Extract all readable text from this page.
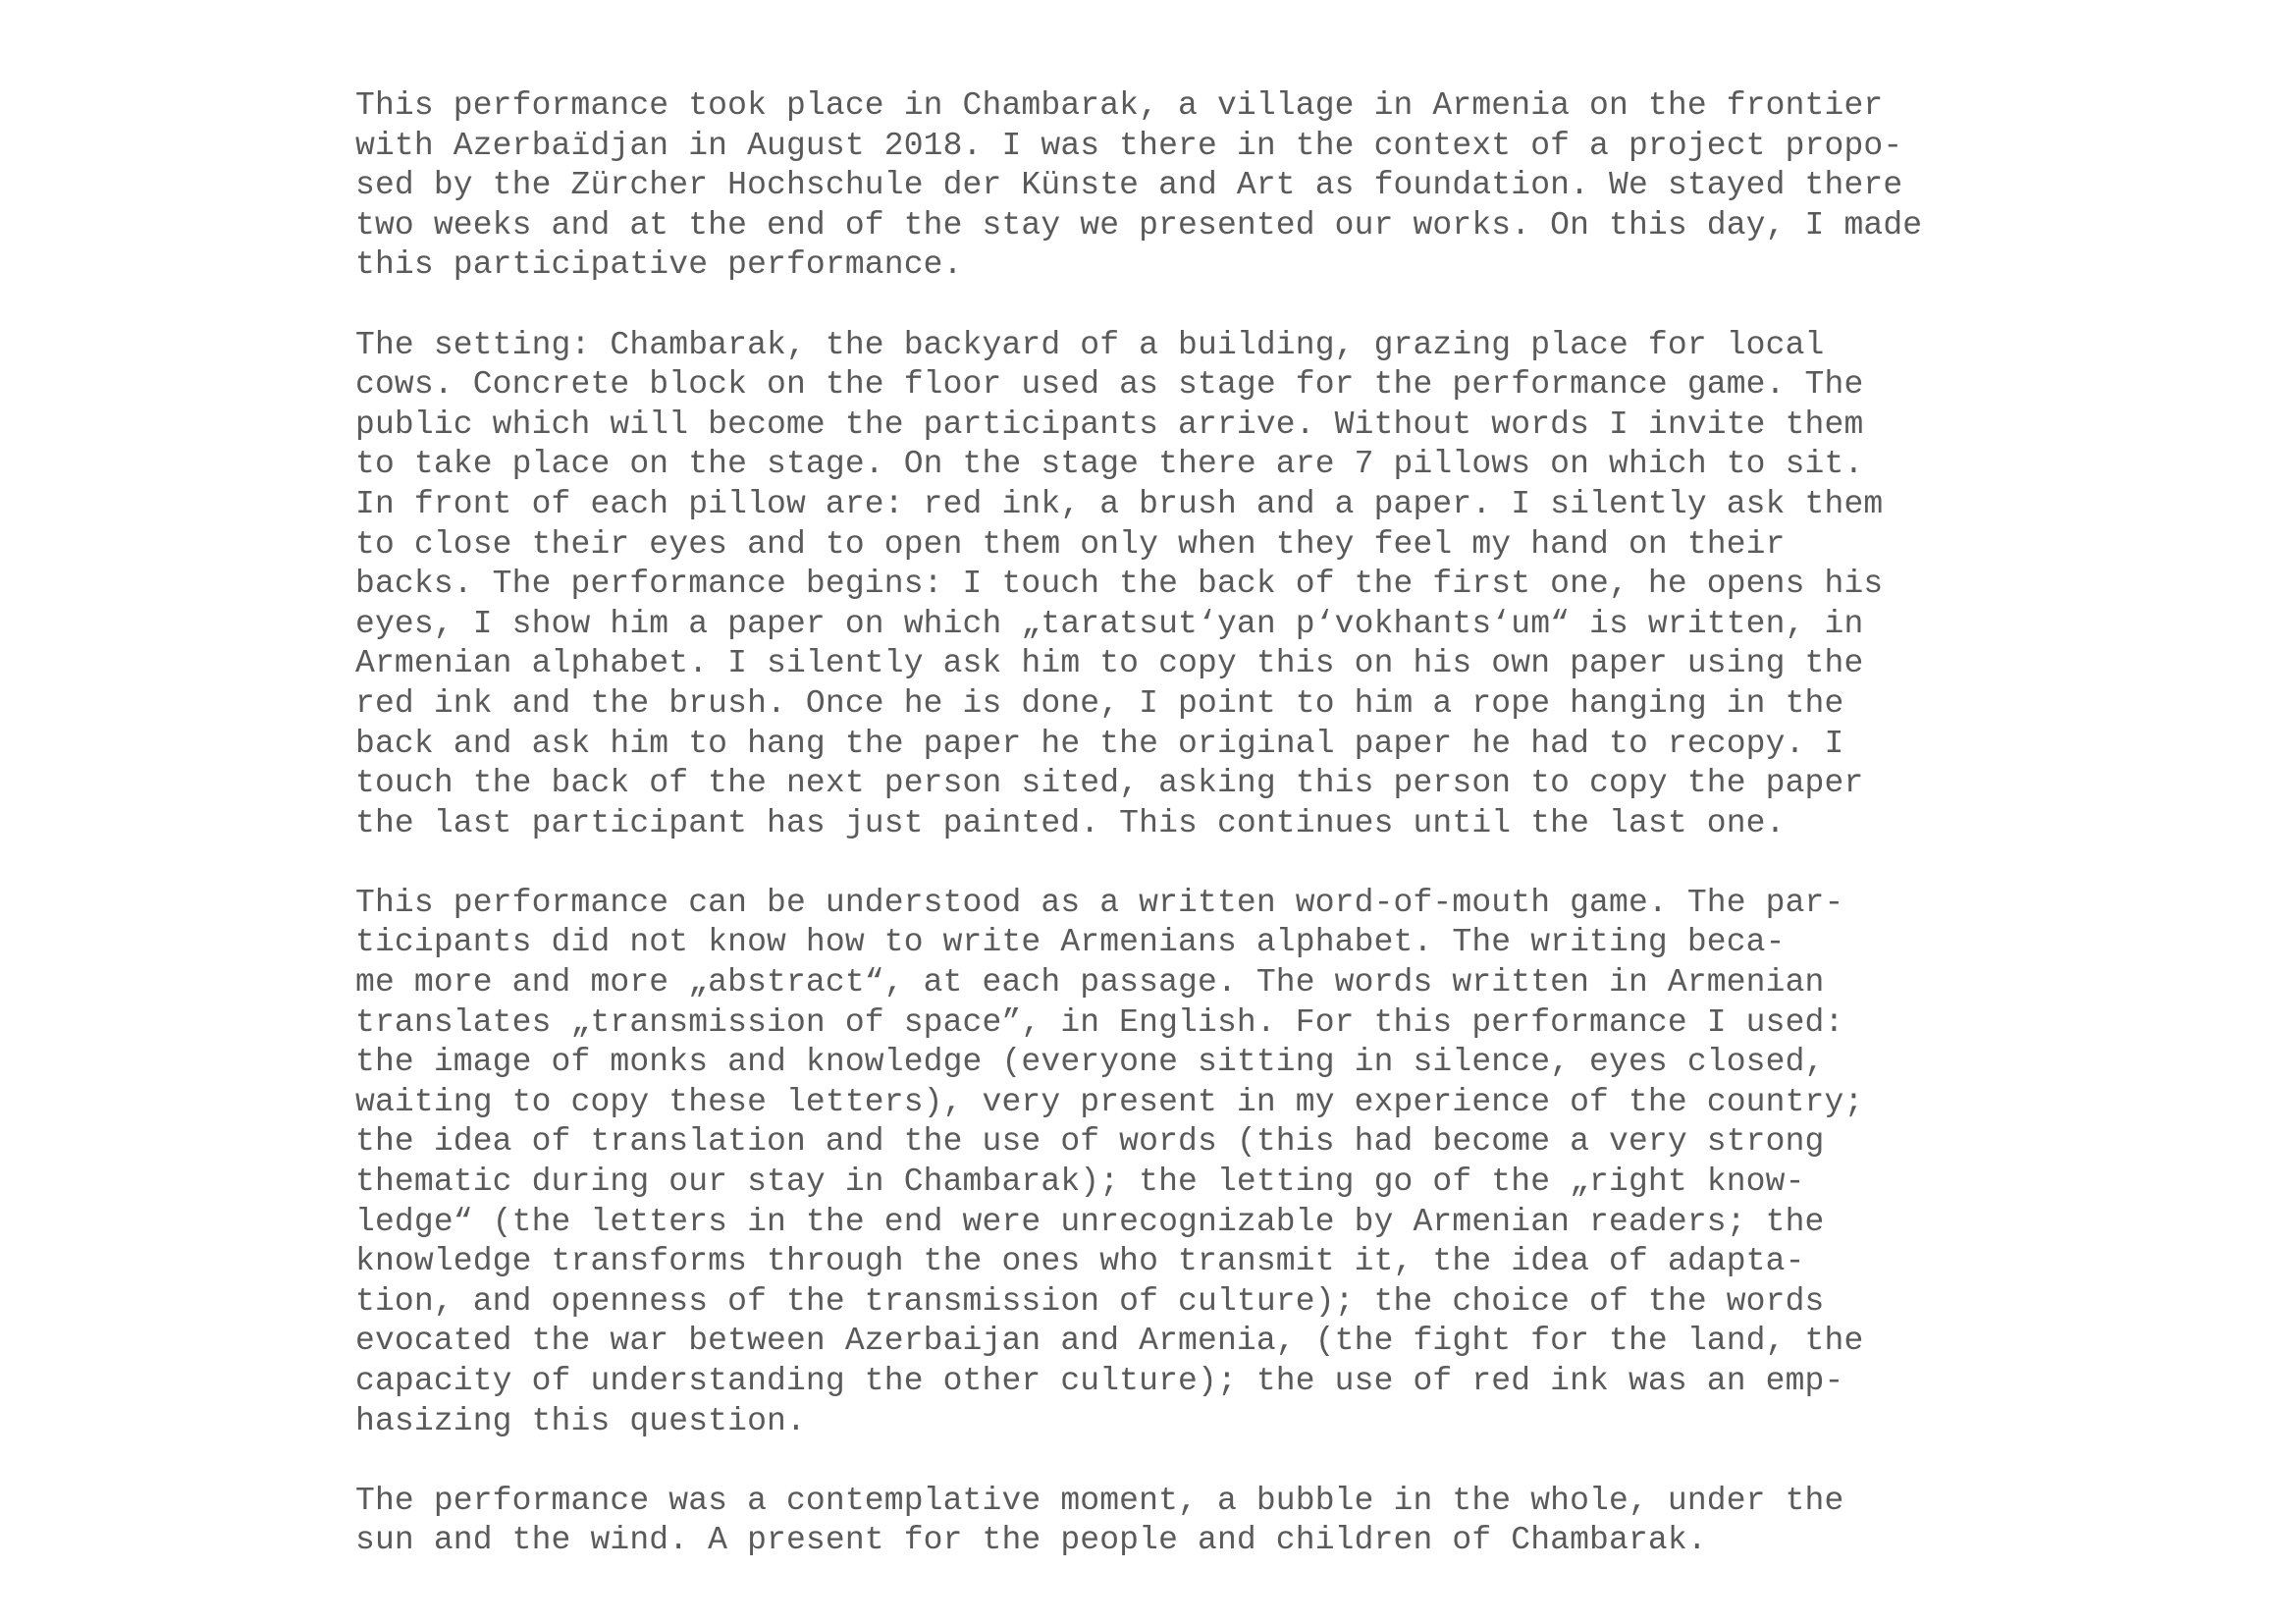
This performance took place in Chambarak, a village in Armenia on the frontier
with Azerbaïdjan in August 2018. I was there in the context of a project propo-
sed by the Zürcher Hochschule der Künste and Art as foundation. We stayed there
two weeks and at the end of the stay we presented our works. On this day, I made
this participative performance.

The setting: Chambarak, the backyard of a building, grazing place for local
cows. Concrete block on the floor used as stage for the performance game. The
public which will become the participants arrive. Without words I invite them
to take place on the stage. On the stage there are 7 pillows on which to sit.
In front of each pillow are: red ink, a brush and a paper. I silently ask them
to close their eyes and to open them only when they feel my hand on their
backs. The performance begins: I touch the back of the first one, he opens his
eyes, I show him a paper on which „taratsut‘yan p‘vokhants‘um“ is written, in
Armenian alphabet. I silently ask him to copy this on his own paper using the
red ink and the brush. Once he is done, I point to him a rope hanging in the
back and ask him to hang the paper he the original paper he had to recopy. I
touch the back of the next person sited, asking this person to copy the paper
the last participant has just painted. This continues until the last one.

This performance can be understood as a written word-of-mouth game. The par-
ticipants did not know how to write Armenians alphabet. The writing beca-
me more and more „abstract“, at each passage. The words written in Armenian
translates „transmission of space”, in English. For this performance I used:
the image of monks and knowledge (everyone sitting in silence, eyes closed,
waiting to copy these letters), very present in my experience of the country;
the idea of translation and the use of words (this had become a very strong
thematic during our stay in Chambarak); the letting go of the „right know-
ledge“ (the letters in the end were unrecognizable by Armenian readers; the
knowledge transforms through the ones who transmit it, the idea of adapta-
tion, and openness of the transmission of culture); the choice of the words
evocated the war between Azerbaijan and Armenia, (the fight for the land, the
capacity of understanding the other culture); the use of red ink was an emp-
hasizing this question.

The performance was a contemplative moment, a bubble in the whole, under the
sun and the wind. A present for the people and children of Chambarak.
